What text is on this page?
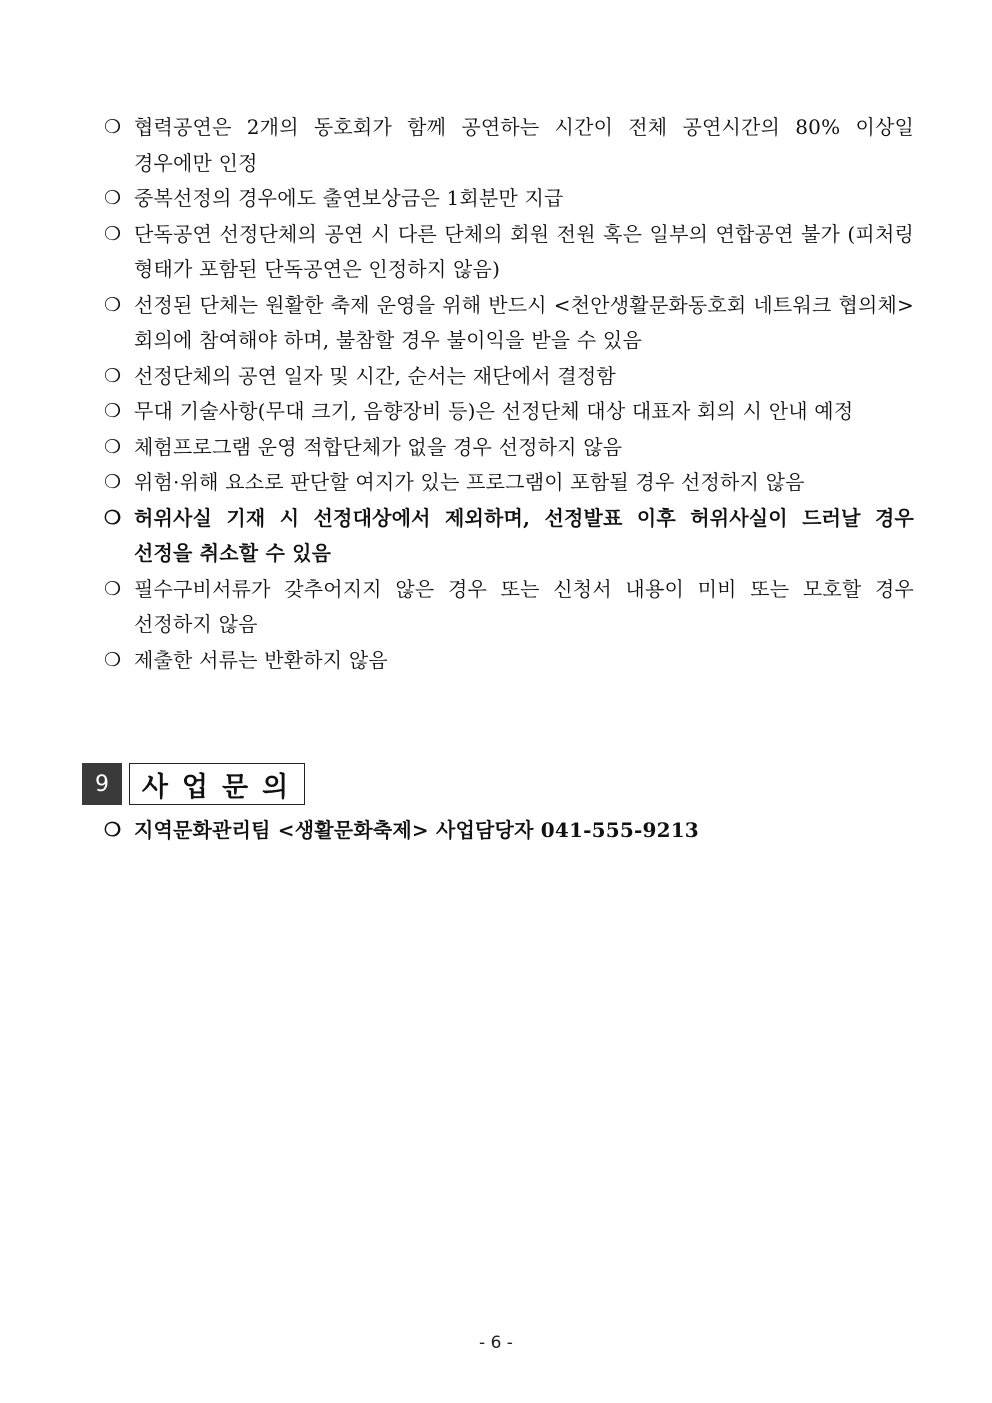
❍ 협력공연은 2개의 동호회가 함께 공연하는 시간이 전체 공연시간의 80% 이상일 경우에만 인정
❍ 중복선정의 경우에도 출연보상금은 1회분만 지급
❍ 단독공연 선정단체의 공연 시 다른 단체의 회원 전원 혹은 일부의 연합공연 불가 (피처링 형태가 포함된 단독공연은 인정하지 않음)
❍ 선정된 단체는 원활한 축제 운영을 위해 반드시 <천안생활문화동호회 네트워크 협의체>회의에 참여해야 하며, 불참할 경우 불이익을 받을 수 있음
❍ 선정단체의 공연 일자 및 시간, 순서는 재단에서 결정함
❍ 무대 기술사항(무대 크기, 음향장비 등)은 선정단체 대상 대표자 회의 시 안내 예정
❍ 체험프로그램 운영 적합단체가 없을 경우 선정하지 않음
❍ 위험·위해 요소로 판단할 여지가 있는 프로그램이 포함될 경우 선정하지 않음
❍ 허위사실 기재 시 선정대상에서 제외하며, 선정발표 이후 허위사실이 드러날 경우 선정을 취소할 수 있음
❍ 필수구비서류가 갖추어지지 않은 경우 또는 신청서 내용이 미비 또는 모호할 경우 선정하지 않음
❍ 제출한 서류는 반환하지 않음
9	사업문의
❍ 지역문화관리팀 <생활문화축제> 사업담당자 041-555-9213
- 6 -
